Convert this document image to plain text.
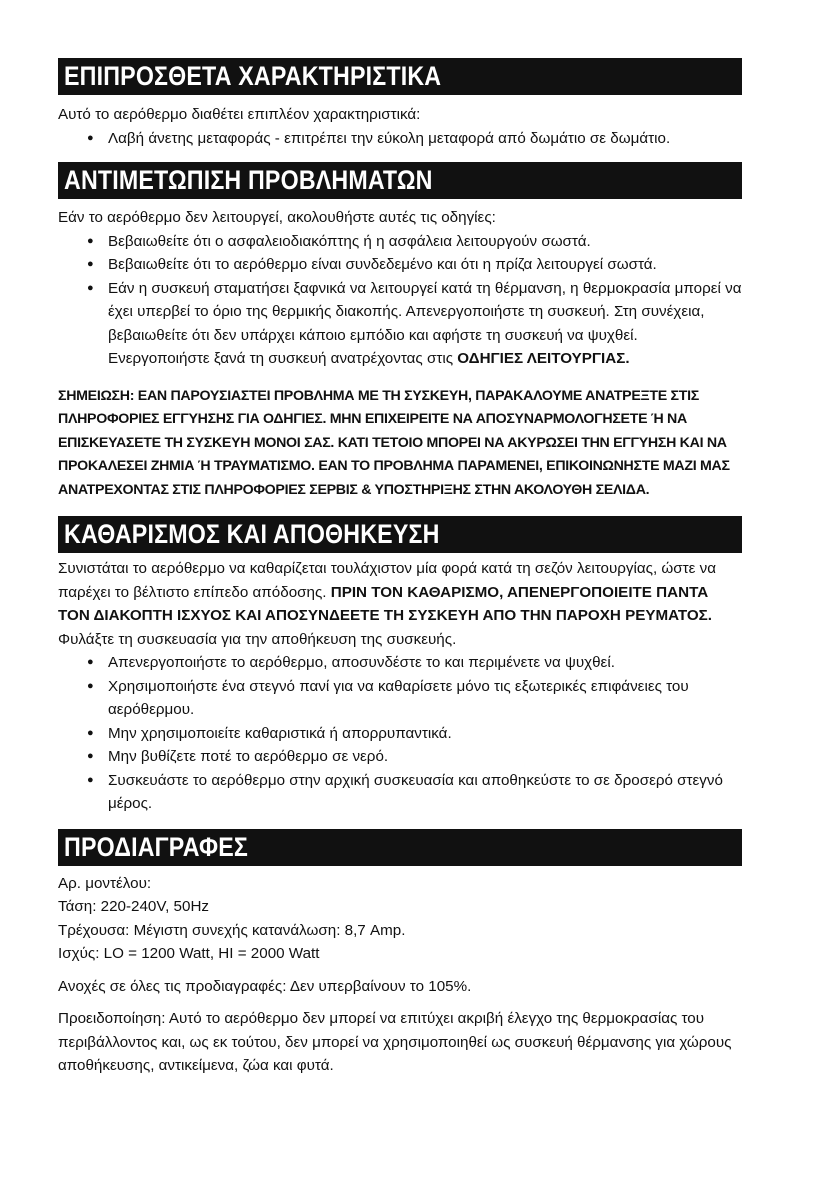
ΕΠΙΠΡΟΣΘΕΤΑ ΧΑΡΑΚΤΗΡΙΣΤΙΚΑ

Αυτό το αερόθερμο διαθέτει επιπλέον χαρακτηριστικά:

● Λαβή άνετης μεταφοράς - επιτρέπει την εύκολη μεταφορά από δωμάτιο σε δωμάτιο.
ΑΝΤΙΜΕΤΩΠΙΣΗ ΠΡΟΒΛΗΜΑΤΩΝ

Εάν το αερόθερμο δεν λειτουργεί, ακολουθήστε αυτές τις οδηγίες:

● Βεβαιωθείτε ότι ο ασφαλειοδιακόπτης ή η ασφάλεια λειτουργούν σωστά.
● Βεβαιωθείτε ότι το αερόθερμο είναι συνδεδεμένο και ότι η πρίζα λειτουργεί σωστά.
● Εάν η συσκευή σταματήσει ξαφνικά να λειτουργεί κατά τη θέρμανση, η θερμοκρασία μπορεί να έχει υπερβεί το όριο της θερμικής διακοπής. Απενεργοποιήστε τη συσκευή. Στη συνέχεια, βεβαιωθείτε ότι δεν υπάρχει κάποιο εμπόδιο και αφήστε τη συσκευή να ψυχθεί. Ενεργοποιήστε ξανά τη συσκευή ανατρέχοντας στις ΟΔΗΓΙΕΣ ΛΕΙΤΟΥΡΓΙΑΣ.

ΣΗΜΕΙΩΣΗ: ΕΑΝ ΠΑΡΟΥΣΙΑΣΤΕΙ ΠΡΟΒΛΗΜΑ ΜΕ ΤΗ ΣΥΣΚΕΥΗ, ΠΑΡΑΚΑΛΟΥΜΕ ΑΝΑΤΡΕΞΤΕ ΣΤΙΣ ΠΛΗΡΟΦΟΡΙΕΣ ΕΓΓΥΗΣΗΣ ΓΙΑ ΟΔΗΓΙΕΣ. ΜΗΝ ΕΠΙΧΕΙΡΕΙΤΕ ΝΑ ΑΠΟΣΥΝΑΡΜΟΛΟΓΗΣΕΤΕ Ή ΝΑ ΕΠΙΣΚΕΥΑΣΕΤΕ ΤΗ ΣΥΣΚΕΥΗ ΜΟΝΟΙ ΣΑΣ. ΚΑΤΙ ΤΕΤΟΙΟ ΜΠΟΡΕΙ ΝΑ ΑΚΥΡΩΣΕΙ ΤΗΝ ΕΓΓΥΗΣΗ ΚΑΙ ΝΑ ΠΡΟΚΑΛΕΣΕΙ ΖΗΜΙΑ Ή ΤΡΑΥΜΑΤΙΣΜΟ. ΕΑΝ ΤΟ ΠΡΟΒΛΗΜΑ ΠΑΡΑΜΕΝΕΙ, ΕΠΙΚΟΙΝΩΝΗΣΤΕ ΜΑΖΙ ΜΑΣ ΑΝΑΤΡΕΧΟΝΤΑΣ ΣΤΙΣ ΠΛΗΡΟΦΟΡΙΕΣ ΣΕΡΒΙΣ & ΥΠΟΣΤΗΡΙΞΗΣ ΣΤΗΝ ΑΚΟΛΟΥΘΗ ΣΕΛΙΔΑ.

ΚΑΘΑΡΙΣΜΟΣ ΚΑΙ ΑΠΟΘΗΚΕΥΣΗ

Συνιστάται το αερόθερμο να καθαρίζεται τουλάχιστον μία φορά κατά τη σεζόν λειτουργίας, ώστε να παρέχει το βέλτιστο επίπεδο απόδοσης. ΠΡΙΝ ΤΟΝ ΚΑΘΑΡΙΣΜΟ, ΑΠΕΝΕΡΓΟΠΟΙΕΙΤΕ ΠΑΝΤΑ ΤΟΝ ΔΙΑΚΟΠΤΗ ΙΣΧΥΟΣ ΚΑΙ ΑΠΟΣΥΝΔΕΕΤΕ ΤΗ ΣΥΣΚΕΥΗ ΑΠΟ ΤΗΝ ΠΑΡΟΧΗ ΡΕΥΜΑΤΟΣ.

Φυλάξτε τη συσκευασία για την αποθήκευση της συσκευής.

● Απενεργοποιήστε το αερόθερμο, αποσυνδέστε το και περιμένετε να ψυχθεί.
● Χρησιμοποιήστε ένα στεγνό πανί για να καθαρίσετε μόνο τις εξωτερικές επιφάνειες του αερόθερμου.
● Μην χρησιμοποιείτε καθαριστικά ή απορρυπαντικά.
● Μην βυθίζετε ποτέ το αερόθερμο σε νερό.
● Συσκευάστε το αερόθερμο στην αρχική συσκευασία και αποθηκεύστε το σε δροσερό στεγνό μέρος.
ΠΡΟΔΙΑΓΡΑΦΕΣ

Αρ. μοντέλου:

Τάση: 220-240V, 50Hz

Τρέχουσα: Μέγιστη συνεχής κατανάλωση: 8,7 Amp.

Ισχύς: LO = 1200 Watt, HI = 2000 Watt

Ανοχές σε όλες τις προδιαγραφές: Δεν υπερβαίνουν το 105%.

Προειδοποίηση: Αυτό το αερόθερμο δεν μπορεί να επιτύχει ακριβή έλεγχο της θερμοκρασίας του περιβάλλοντος και, ως εκ τούτου, δεν μπορεί να χρησιμοποιηθεί ως συσκευή θέρμανσης για χώρους αποθήκευσης, αντικείμενα, ζώα και φυτά.
